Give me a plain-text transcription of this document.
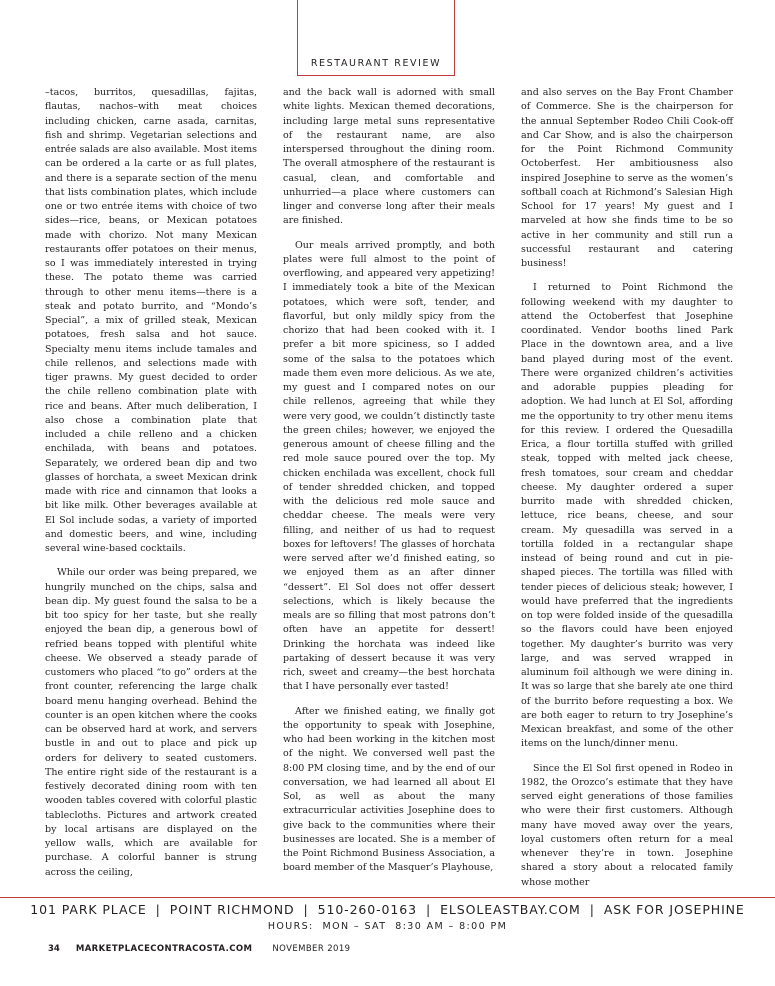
RESTAURANT REVIEW

–tacos, burritos, quesadillas, fajitas, flautas, nachos–with meat choices including chicken, carne asada, carnitas, fish and shrimp. Vegetarian selections and entrée salads are also available. Most items can be ordered a la carte or as full plates, and there is a separate section of the menu that lists combination plates, which include one or two entrée items with choice of two sides—rice, beans, or Mexican potatoes made with chorizo. Not many Mexican restaurants offer potatoes on their menus, so I was immediately interested in trying these. The potato theme was carried through to other menu items—there is a steak and potato burrito, and “Mondo’s Special”, a mix of grilled steak, Mexican potatoes, fresh salsa and hot sauce. Specialty menu items include tamales and chile rellenos, and selections made with tiger prawns. My guest decided to order the chile relleno combination plate with rice and beans. After much deliberation, I also chose a combination plate that included a chile relleno and a chicken enchilada, with beans and potatoes. Separately, we ordered bean dip and two glasses of horchata, a sweet Mexican drink made with rice and cinnamon that looks a bit like milk. Other beverages available at El Sol include sodas, a variety of imported and domestic beers, and wine, including several wine-based cocktails.

While our order was being prepared, we hungrily munched on the chips, salsa and bean dip. My guest found the salsa to be a bit too spicy for her taste, but she really enjoyed the bean dip, a generous bowl of refried beans topped with plentiful white cheese. We observed a steady parade of customers who placed “to go” orders at the front counter, referencing the large chalk board menu hanging overhead. Behind the counter is an open kitchen where the cooks can be observed hard at work, and servers bustle in and out to place and pick up orders for delivery to seated customers. The entire right side of the restaurant is a festively decorated dining room with ten wooden tables covered with colorful plastic tablecloths. Pictures and artwork created by local artisans are displayed on the yellow walls, which are available for purchase. A colorful banner is strung across the ceiling,

and the back wall is adorned with small white lights. Mexican themed decorations, including large metal suns representative of the restaurant name, are also interspersed throughout the dining room. The overall atmosphere of the restaurant is casual, clean, and comfortable and unhurried—a place where customers can linger and converse long after their meals are finished.

Our meals arrived promptly, and both plates were full almost to the point of overflowing, and appeared very appetizing! I immediately took a bite of the Mexican potatoes, which were soft, tender, and flavorful, but only mildly spicy from the chorizo that had been cooked with it. I prefer a bit more spiciness, so I added some of the salsa to the potatoes which made them even more delicious. As we ate, my guest and I compared notes on our chile rellenos, agreeing that while they were very good, we couldn’t distinctly taste the green chiles; however, we enjoyed the generous amount of cheese filling and the red mole sauce poured over the top. My chicken enchilada was excellent, chock full of tender shredded chicken, and topped with the delicious red mole sauce and cheddar cheese. The meals were very filling, and neither of us had to request boxes for leftovers! The glasses of horchata were served after we’d finished eating, so we enjoyed them as an after dinner “dessert”. El Sol does not offer dessert selections, which is likely because the meals are so filling that most patrons don’t often have an appetite for dessert! Drinking the horchata was indeed like partaking of dessert because it was very rich, sweet and creamy—the best horchata that I have personally ever tasted!

After we finished eating, we finally got the opportunity to speak with Josephine, who had been working in the kitchen most of the night. We conversed well past the 8:00 PM closing time, and by the end of our conversation, we had learned all about El Sol, as well as about the many extracurricular activities Josephine does to give back to the communities where their businesses are located. She is a member of the Point Richmond Business Association, a board member of the Masquer’s Playhouse,

and also serves on the Bay Front Chamber of Commerce. She is the chairperson for the annual September Rodeo Chili Cook-off and Car Show, and is also the chairperson for the Point Richmond Community Octoberfest. Her ambitiousness also inspired Josephine to serve as the women’s softball coach at Richmond’s Salesian High School for 17 years! My guest and I marveled at how she finds time to be so active in her community and still run a successful restaurant and catering business!

I returned to Point Richmond the following weekend with my daughter to attend the Octoberfest that Josephine coordinated. Vendor booths lined Park Place in the downtown area, and a live band played during most of the event. There were organized children’s activities and adorable puppies pleading for adoption. We had lunch at El Sol, affording me the opportunity to try other menu items for this review. I ordered the Quesadilla Erica, a flour tortilla stuffed with grilled steak, topped with melted jack cheese, fresh tomatoes, sour cream and cheddar cheese. My daughter ordered a super burrito made with shredded chicken, lettuce, rice beans, cheese, and sour cream. My quesadilla was served in a tortilla folded in a rectangular shape instead of being round and cut in pie-shaped pieces. The tortilla was filled with tender pieces of delicious steak; however, I would have preferred that the ingredients on top were folded inside of the quesadilla so the flavors could have been enjoyed together. My daughter’s burrito was very large, and was served wrapped in aluminum foil although we were dining in. It was so large that she barely ate one third of the burrito before requesting a box. We are both eager to return to try Josephine’s Mexican breakfast, and some of the other items on the lunch/dinner menu.

Since the El Sol first opened in Rodeo in 1982, the Orozco’s estimate that they have served eight generations of those families who were their first customers. Although many have moved away over the years, loyal customers often return for a meal whenever they’re in town. Josephine shared a story about a relocated family whose mother

101 PARK PLACE | POINT RICHMOND | 510-260-0163 | ELSOLEASTBAY.COM | ASK FOR JOSEPHINE
HOURS:  MON – SAT  8:30 AM – 8:00 PM
34 MARKETPLACECONTRACOSTA.COM NOVEMBER 2019
